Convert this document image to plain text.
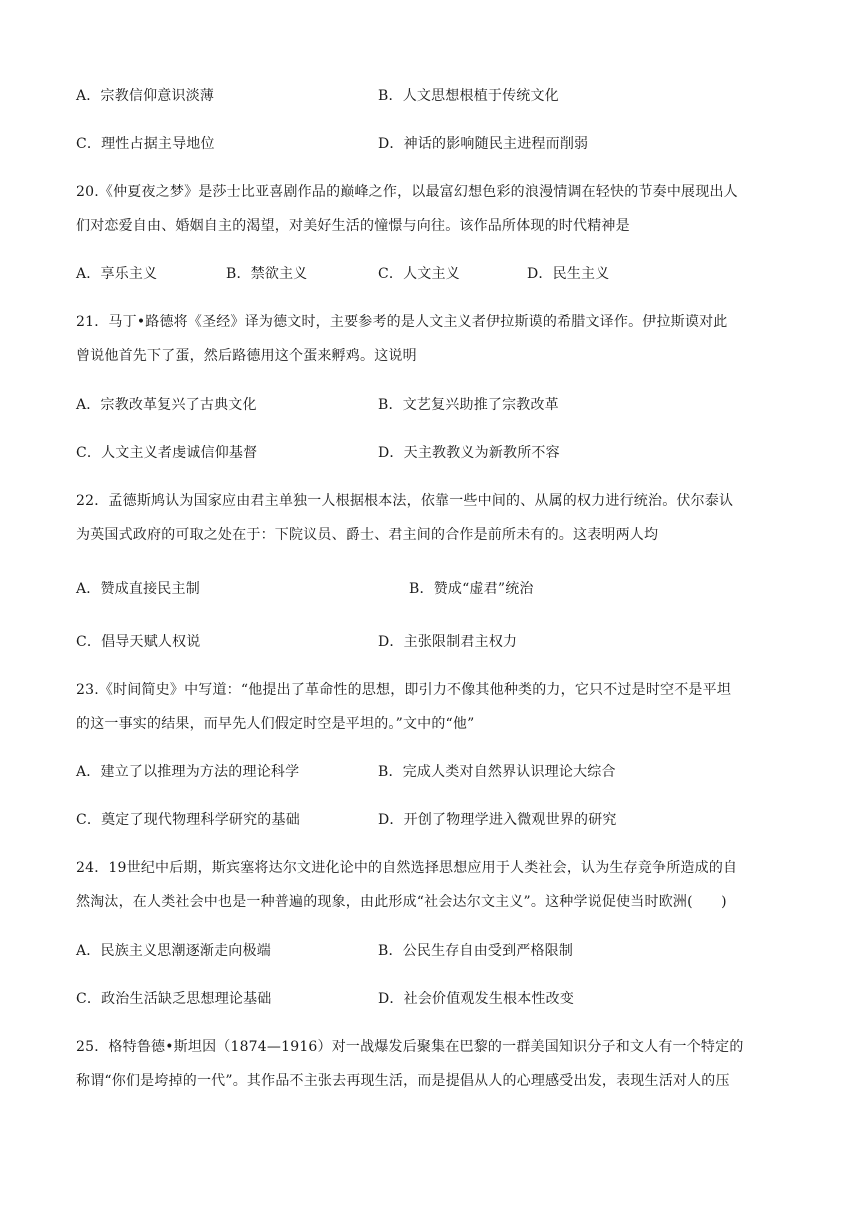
A．宗教信仰意识淡薄	B．人文思想根植于传统文化
C．理性占据主导地位	D．神话的影响随民主进程而削弱
20.《仲夏夜之梦》是莎士比亚喜剧作品的巅峰之作，以最富幻想色彩的浪漫情调在轻快的节奏中展现出人
们对恋爱自由、婚姻自主的渴望，对美好生活的憧憬与向往。该作品所体现的时代精神是
A．享乐主义	B．禁欲主义	C．人文主义	D．民生主义
21．马丁•路德将《圣经》译为德文时，主要参考的是人文主义者伊拉斯谟的希腊文译作。伊拉斯谟对此
曾说他首先下了蛋，然后路德用这个蛋来孵鸡。这说明
A．宗教改革复兴了古典文化	B．文艺复兴助推了宗教改革
C．人文主义者虔诚信仰基督	D．天主教教义为新教所不容
22．孟德斯鸠认为国家应由君主单独一人根据根本法，依靠一些中间的、从属的权力进行统治。伏尔泰认
为英国式政府的可取之处在于：下院议员、爵士、君主间的合作是前所未有的。这表明两人均
A．赞成直接民主制	B．赞成“虚君”统治
C．倡导天赋人权说	D．主张限制君主权力
23.《时间简史》中写道：“他提出了革命性的思想，即引力不像其他种类的力，它只不过是时空不是平坦
的这一事实的结果，而早先人们假定时空是平坦的。”文中的“他”
A．建立了以推理为方法的理论科学	B．完成人类对自然界认识理论大综合
C．奠定了现代物理科学研究的基础	D．开创了物理学进入微观世界的研究
24．19世纪中后期，斯宾塞将达尔文进化论中的自然选择思想应用于人类社会，认为生存竞争所造成的自
然淘汰，在人类社会中也是一种普遍的现象，由此形成“社会达尔文主义”。这种学说促使当时欧洲(　　)
A．民族主义思潮逐渐走向极端	B．公民生存自由受到严格限制
C．政治生活缺乏思想理论基础	D．社会价值观发生根本性改变
25．格特鲁德•斯坦因（1874—1916）对一战爆发后聚集在巴黎的一群美国知识分子和文人有一个特定的
称谓“你们是垮掉的一代”。其作品不主张去再现生活，而是提倡从人的心理感受出发，表现生活对人的压
